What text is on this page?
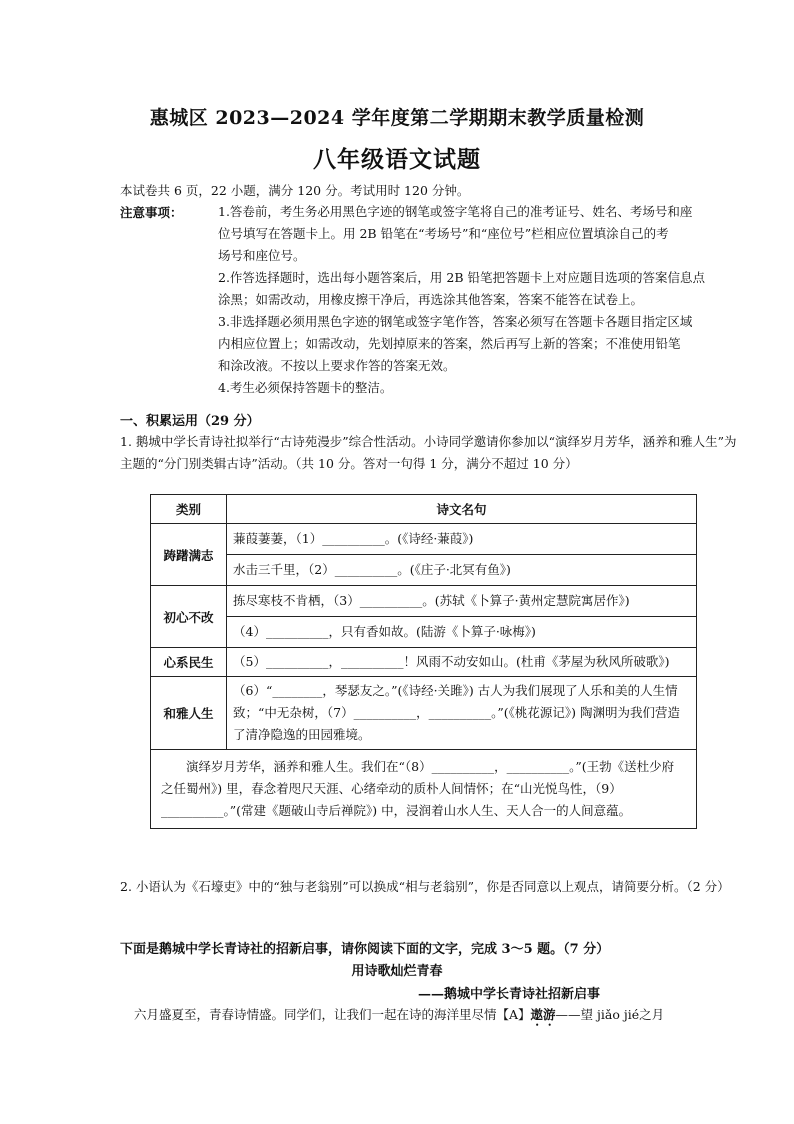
惠城区 2023—2024 学年度第二学期期末教学质量检测
八年级语文试题
本试卷共 6 页，22 小题，满分 120 分。考试用时 120 分钟。
注意事项：	1.答卷前，考生务必用黑色字迹的钢笔或签字笔将自己的准考证号、姓名、考场号和座
位号填写在答题卡上。用 2B 铅笔在“考场号”和“座位号”栏相应位置填涂自己的考
场号和座位号。
2.作答选择题时，选出每小题答案后，用 2B 铅笔把答题卡上对应题目选项的答案信息点
涂黑；如需改动，用橡皮擦干净后，再选涂其他答案，答案不能答在试卷上。
3.非选择题必须用黑色字迹的钢笔或签字笔作答，答案必须写在答题卡各题目指定区域
内相应位置上；如需改动，先划掉原来的答案，然后再写上新的答案；不准使用铅笔
和涂改液。不按以上要求作答的答案无效。
4.考生必须保持答题卡的整洁。
一、积累运用（29 分）
1. 鹅城中学长青诗社拟举行“古诗苑漫步”综合性活动。小诗同学邀请你参加以“演绎岁月芳华，涵养和雅人生”为主题的“分门别类辑古诗”活动。（共 10 分。答对一句得 1 分，满分不超过 10 分）
类别	诗文名句
踌躇满志	蒹葭萋萋，（1）__________。(《诗经·蒹葭》)
	水击三千里，（2）__________。(《庄子·北冥有鱼》)
初心不改	拣尽寒枝不肯栖，（3）__________。(苏轼《卜算子·黄州定慧院寓居作》)
	（4）__________，只有香如故。(陆游《卜算子·咏梅》)
心系民生	（5）__________，__________！风雨不动安如山。(杜甫《茅屋为秋风所破歌》)
和雅人生	（6）“________，琴瑟友之。”(《诗经·关雎》) 古人为我们展现了人乐和美的人生情致；“中无杂树，（7）__________，__________。”(《桃花源记》) 陶渊明为我们营造了清净隐逸的田园雅境。
演绎岁月芳华，涵养和雅人生。我们在“（8）__________，__________。”(王勃《送杜少府之任蜀州》) 里，春念着咫尺天涯、心绪牵动的质朴人间情怀；在“山光悦鸟性，（9）__________。”(常建《题破山寺后禅院》) 中，浸润着山水人生、天人合一的人间意蕴。	
2. 小语认为《石壕吏》中的“独与老翁别”可以换成“相与老翁别”，你是否同意以上观点，请简要分析。（2 分）
下面是鹅城中学长青诗社的招新启事，请你阅读下面的文字，完成 3～5 题。（7 分）
用诗歌灿烂青春
——鹅城中学长青诗社招新启事
六月盛夏至，青春诗情盛。同学们，让我们一起在诗的海洋里尽情【A】遨游——望 jiǎo jié之月
